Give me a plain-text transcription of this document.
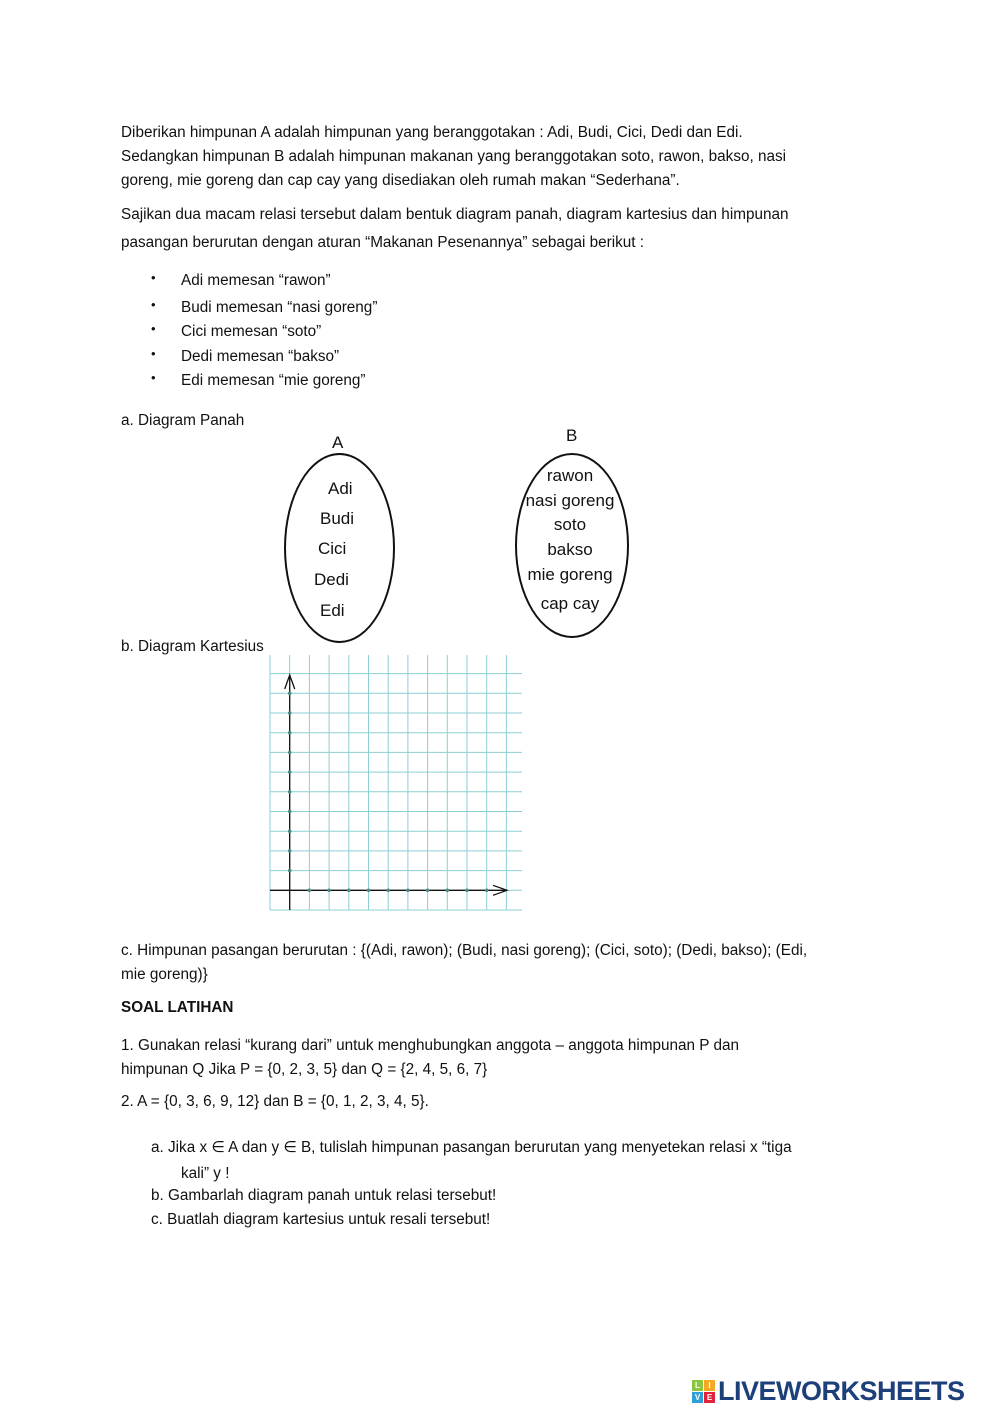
Diberikan himpunan A adalah himpunan yang beranggotakan : Adi, Budi, Cici, Dedi dan Edi.
Sedangkan himpunan B adalah himpunan makanan yang beranggotakan soto, rawon, bakso, nasi
goreng, mie goreng dan cap cay yang disediakan oleh rumah makan “Sederhana”.
Sajikan dua macam relasi tersebut dalam bentuk diagram panah, diagram kartesius dan himpunan
pasangan berurutan dengan aturan “Makanan Pesenannya” sebagai berikut :
• Adi memesan “rawon”
• Budi memesan “nasi goreng”
• Cici memesan “soto”
• Dedi memesan “bakso”
• Edi memesan “mie goreng”
a. Diagram Panah
A
Adi
Budi
Cici
Dedi
Edi
B
rawon
nasi goreng
soto
bakso
mie goreng
cap cay
b. Diagram Kartesius
c. Himpunan pasangan berurutan : {(Adi, rawon); (Budi, nasi goreng); (Cici, soto); (Dedi, bakso); (Edi,
mie goreng)}
SOAL LATIHAN
1. Gunakan relasi “kurang dari” untuk menghubungkan anggota – anggota himpunan P dan
himpunan Q Jika P = {0, 2, 3, 5} dan Q = {2, 4, 5, 6, 7}
2. A = {0, 3, 6, 9, 12} dan B = {0, 1, 2, 3, 4, 5}.
a. Jika x ∈ A dan y ∈ B, tulislah himpunan pasangan berurutan yang menyetekan relasi x “tiga
kali” y !
b. Gambarlah diagram panah untuk relasi tersebut!
c. Buatlah diagram kartesius untuk resali tersebut!
L	I
V E LIVEWORKSHEETS
